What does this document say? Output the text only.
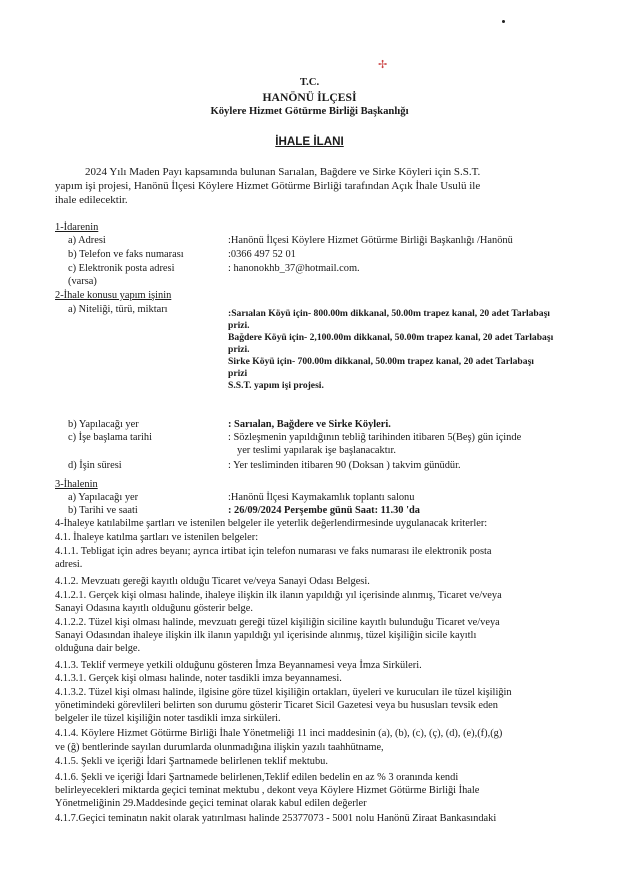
✢
T.C.
HANÖNÜ İLÇESİ
Köylere Hizmet Götürme Birliği Başkanlığı
İHALE İLANI
2024 Yılı Maden Payı kapsamında bulunan Sarıalan, Bağdere ve Sirke Köyleri için S.S.T.
yapım işi projesi, Hanönü İlçesi Köylere Hizmet Götürme Birliği tarafından Açık İhale Usulü ile
ihale edilecektir.
1-İdarenin
a) Adresi	:Hanönü İlçesi Köylere Hizmet Götürme Birliği Başkanlığı /Hanönü
b) Telefon ve faks numarası	:0366 497 52 01
c) Elektronik posta adresi	: hanonokhb_37@hotmail.com.
(varsa)
2-İhale konusu yapım işinin
a) Niteliği, türü, miktarı	:Sarıalan Köyü için- 800.00m dikkanal, 50.00m trapez kanal, 20 adet Tarlabaşı
prizi.
Bağdere Köyü için- 2,100.00m dikkanal, 50.00m trapez kanal, 20 adet Tarlabaşı
prizi.
Sirke Köyü için- 700.00m dikkanal, 50.00m trapez kanal, 20 adet Tarlabaşı
prizi
S.S.T. yapım işi projesi.
b) Yapılacağı yer	: Sarıalan, Bağdere ve Sirke Köyleri.
c) İşe başlama tarihi	: Sözleşmenin yapıldığının tebliğ tarihinden itibaren 5(Beş) gün içinde
yer teslimi yapılarak işe başlanacaktır.
d) İşin süresi	: Yer tesliminden itibaren 90 (Doksan ) takvim günüdür.
3-İhalenin
a) Yapılacağı yer	:Hanönü İlçesi Kaymakamlık toplantı salonu
b) Tarihi ve saati	: 26/09/2024 Perşembe günü Saat: 11.30 'da
4-İhaleye katılabilme şartları ve istenilen belgeler ile yeterlik değerlendirmesinde uygulanacak kriterler:
4.1. İhaleye katılma şartları ve istenilen belgeler:
4.1.1. Tebligat için adres beyanı; ayrıca irtibat için telefon numarası ve faks numarası ile elektronik posta
adresi.
4.1.2. Mevzuatı gereği kayıtlı olduğu Ticaret ve/veya Sanayi Odası Belgesi.
4.1.2.1. Gerçek kişi olması halinde, ihaleye ilişkin ilk ilanın yapıldığı yıl içerisinde alınmış, Ticaret ve/veya
Sanayi Odasına kayıtlı olduğunu gösterir belge.
4.1.2.2. Tüzel kişi olması halinde, mevzuatı gereği tüzel kişiliğin siciline kayıtlı bulunduğu Ticaret ve/veya
Sanayi Odasından ihaleye ilişkin ilk ilanın yapıldığı yıl içerisinde alınmış, tüzel kişiliğin sicile kayıtlı
olduğuna dair belge.
4.1.3. Teklif vermeye yetkili olduğunu gösteren İmza Beyannamesi veya İmza Sirküleri.
4.1.3.1. Gerçek kişi olması halinde, noter tasdikli imza beyannamesi.
4.1.3.2. Tüzel kişi olması halinde, ilgisine göre tüzel kişiliğin ortakları, üyeleri ve kurucuları ile tüzel kişiliğin
yönetimindeki görevlileri belirten son durumu gösterir Ticaret Sicil Gazetesi veya bu hususları tevsik eden
belgeler ile tüzel kişiliğin noter tasdikli imza sirküleri.
4.1.4. Köylere Hizmet Götürme Birliği İhale Yönetmeliği 11 inci maddesinin (a), (b), (c), (ç), (d), (e),(f),(g)
ve (ğ) bentlerinde sayılan durumlarda olunmadığına ilişkin yazılı taahhütname,
4.1.5. Şekli ve içeriği İdari Şartnamede belirlenen teklif mektubu.
4.1.6. Şekli ve içeriği İdari Şartnamede belirlenen,Teklif edilen bedelin en az % 3 oranında kendi
belirleyecekleri miktarda geçici teminat mektubu , dekont veya Köylere Hizmet Götürme Birliği İhale
Yönetmeliğinin 29.Maddesinde geçici teminat olarak kabul edilen değerler
4.1.7.Geçici teminatın nakit olarak yatırılması halinde 25377073 - 5001 nolu Hanönü Ziraat Bankasındaki
